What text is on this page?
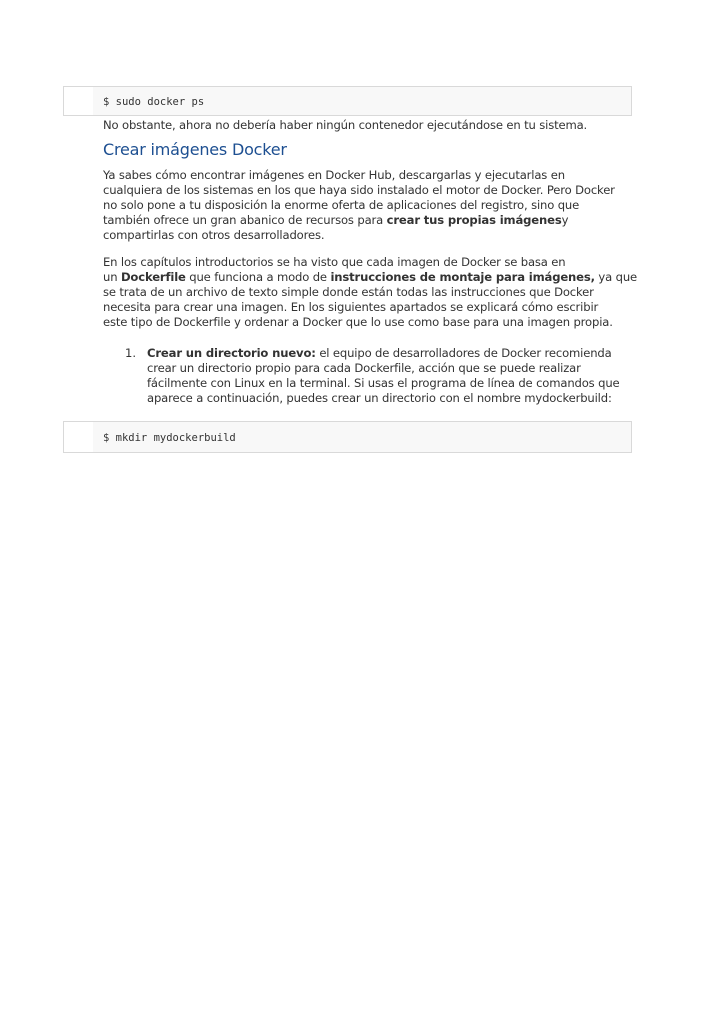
$ sudo docker ps
No obstante, ahora no debería haber ningún contenedor ejecutándose en tu sistema.
Crear imágenes Docker
Ya sabes cómo encontrar imágenes en Docker Hub, descargarlas y ejecutarlas en
cualquiera de los sistemas en los que haya sido instalado el motor de Docker. Pero Docker
no solo pone a tu disposición la enorme oferta de aplicaciones del registro, sino que
también ofrece un gran abanico de recursos para crear tus propias imágenesy
compartirlas con otros desarrolladores.
En los capítulos introductorios se ha visto que cada imagen de Docker se basa en
un Dockerfile que funciona a modo de instrucciones de montaje para imágenes, ya que
se trata de un archivo de texto simple donde están todas las instrucciones que Docker
necesita para crear una imagen. En los siguientes apartados se explicará cómo escribir
este tipo de Dockerfile y ordenar a Docker que lo use como base para una imagen propia.
1. Crear un directorio nuevo: el equipo de desarrolladores de Docker recomienda
crear un directorio propio para cada Dockerfile, acción que se puede realizar
fácilmente con Linux en la terminal. Si usas el programa de línea de comandos que
aparece a continuación, puedes crear un directorio con el nombre mydockerbuild:
$ mkdir mydockerbuild
